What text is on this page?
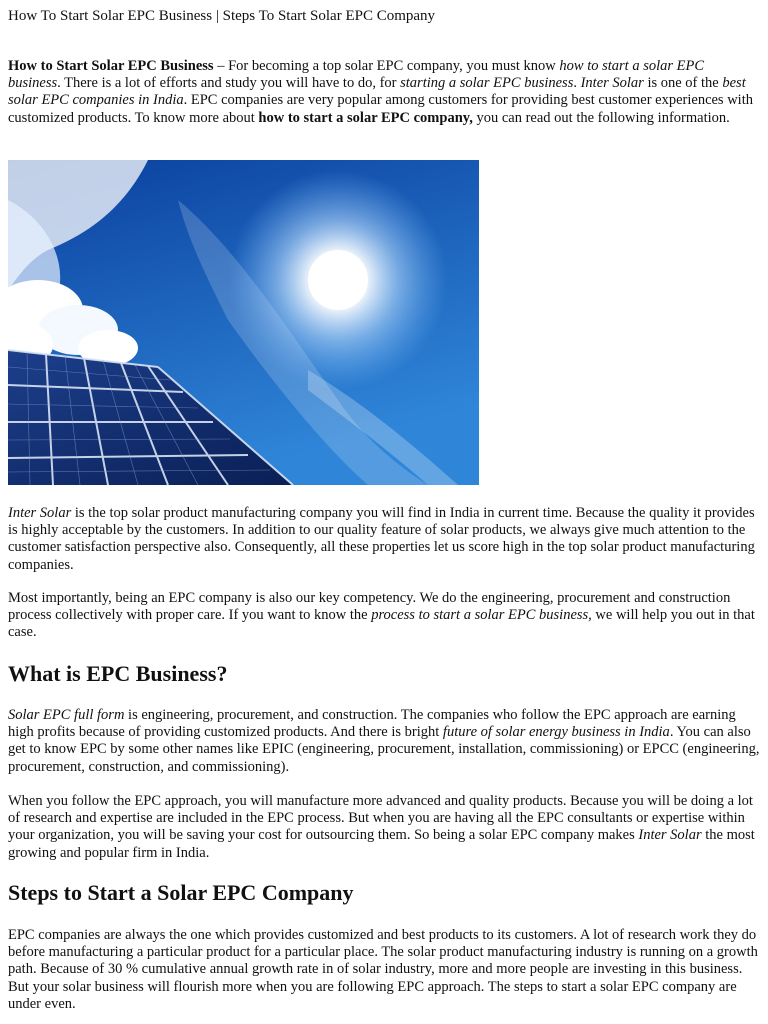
How To Start Solar EPC Business | Steps To Start Solar EPC Company

How to Start Solar EPC Business – For becoming a top solar EPC company, you must know how to start a solar EPC business. There is a lot of efforts and study you will have to do, for starting a solar EPC business. Inter Solar is one of the best solar EPC companies in India. EPC companies are very popular among customers for providing best customer experiences with customized products. To know more about how to start a solar EPC company, you can read out the following information.

Inter Solar is the top solar product manufacturing company you will find in India in current time. Because the quality it provides is highly acceptable by the customers. In addition to our quality feature of solar products, we always give much attention to the customer satisfaction perspective also. Consequently, all these properties let us score high in the top solar product manufacturing companies.

Most importantly, being an EPC company is also our key competency. We do the engineering, procurement and construction process collectively with proper care. If you want to know the process to start a solar EPC business, we will help you out in that case.

What is EPC Business?

Solar EPC full form is engineering, procurement, and construction. The companies who follow the EPC approach are earning high profits because of providing customized products. And there is bright future of solar energy business in India. You can also get to know EPC by some other names like EPIC (engineering, procurement, installation, commissioning) or EPCC (engineering, procurement, construction, and commissioning).

When you follow the EPC approach, you will manufacture more advanced and quality products. Because you will be doing a lot of research and expertise are included in the EPC process. But when you are having all the EPC consultants or expertise within your organization, you will be saving your cost for outsourcing them. So being a solar EPC company makes Inter Solar the most growing and popular firm in India.

Steps to Start a Solar EPC Company

EPC companies are always the one which provides customized and best products to its customers. A lot of research work they do before manufacturing a particular product for a particular place. The solar product manufacturing industry is running on a growth path. Because of 30 % cumulative annual growth rate in of solar industry, more and more people are investing in this business. But your solar business will flourish more when you are following EPC approach. The steps to start a solar EPC company are under even.
